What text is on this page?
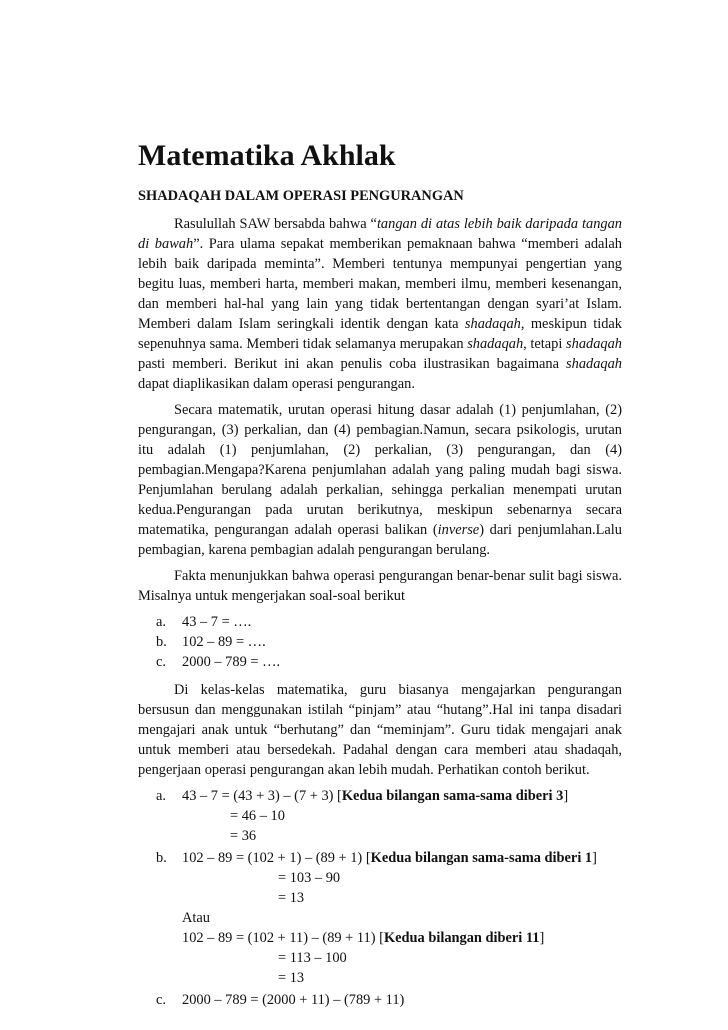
Matematika Akhlak
SHADAQAH DALAM OPERASI PENGURANGAN

Rasulullah SAW bersabda bahwa “tangan di atas lebih baik daripada tangan di bawah”. Para ulama sepakat memberikan pemaknaan bahwa “memberi adalah lebih baik daripada meminta”. Memberi tentunya mempunyai pengertian yang begitu luas, memberi harta, memberi makan, memberi ilmu, memberi kesenangan, dan memberi hal-hal yang lain yang tidak bertentangan dengan syari’at Islam. Memberi dalam Islam seringkali identik dengan kata shadaqah, meskipun tidak sepenuhnya sama. Memberi tidak selamanya merupakan shadaqah, tetapi shadaqah pasti memberi. Berikut ini akan penulis coba ilustrasikan bagaimana shadaqah dapat diaplikasikan dalam operasi pengurangan.

Secara matematik, urutan operasi hitung dasar adalah (1) penjumlahan, (2) pengurangan, (3) perkalian, dan (4) pembagian.Namun, secara psikologis, urutan itu adalah (1) penjumlahan, (2) perkalian, (3) pengurangan, dan (4) pembagian.Mengapa?Karena penjumlahan adalah yang paling mudah bagi siswa. Penjumlahan berulang adalah perkalian, sehingga perkalian menempati urutan kedua.Pengurangan pada urutan berikutnya, meskipun sebenarnya secara matematika, pengurangan adalah operasi balikan (inverse) dari penjumlahan.Lalu pembagian, karena pembagian adalah pengurangan berulang.

Fakta menunjukkan bahwa operasi pengurangan benar-benar sulit bagi siswa. Misalnya untuk mengerjakan soal-soal berikut

a. 43 – 7 = ….
b. 102 – 89 = ….
c. 2000 – 789 = ….

Di kelas-kelas matematika, guru biasanya mengajarkan pengurangan bersusun dan menggunakan istilah “pinjam” atau “hutang”.Hal ini tanpa disadari mengajari anak untuk “berhutang” dan “meminjam”. Guru tidak mengajari anak untuk memberi atau bersedekah. Padahal dengan cara memberi atau shadaqah, pengerjaan operasi pengurangan akan lebih mudah. Perhatikan contoh berikut.

a. 43 – 7 = (43 + 3) – (7 + 3) [Kedua bilangan sama-sama diberi 3]
= 46 – 10
= 36
b. 102 – 89 = (102 + 1) – (89 + 1) [Kedua bilangan sama-sama diberi 1]
= 103 – 90
= 13
Atau
102 – 89 = (102 + 11) – (89 + 11) [Kedua bilangan diberi 11]
= 113 – 100
= 13
c. 2000 – 789 = (2000 + 11) – (789 + 11)
